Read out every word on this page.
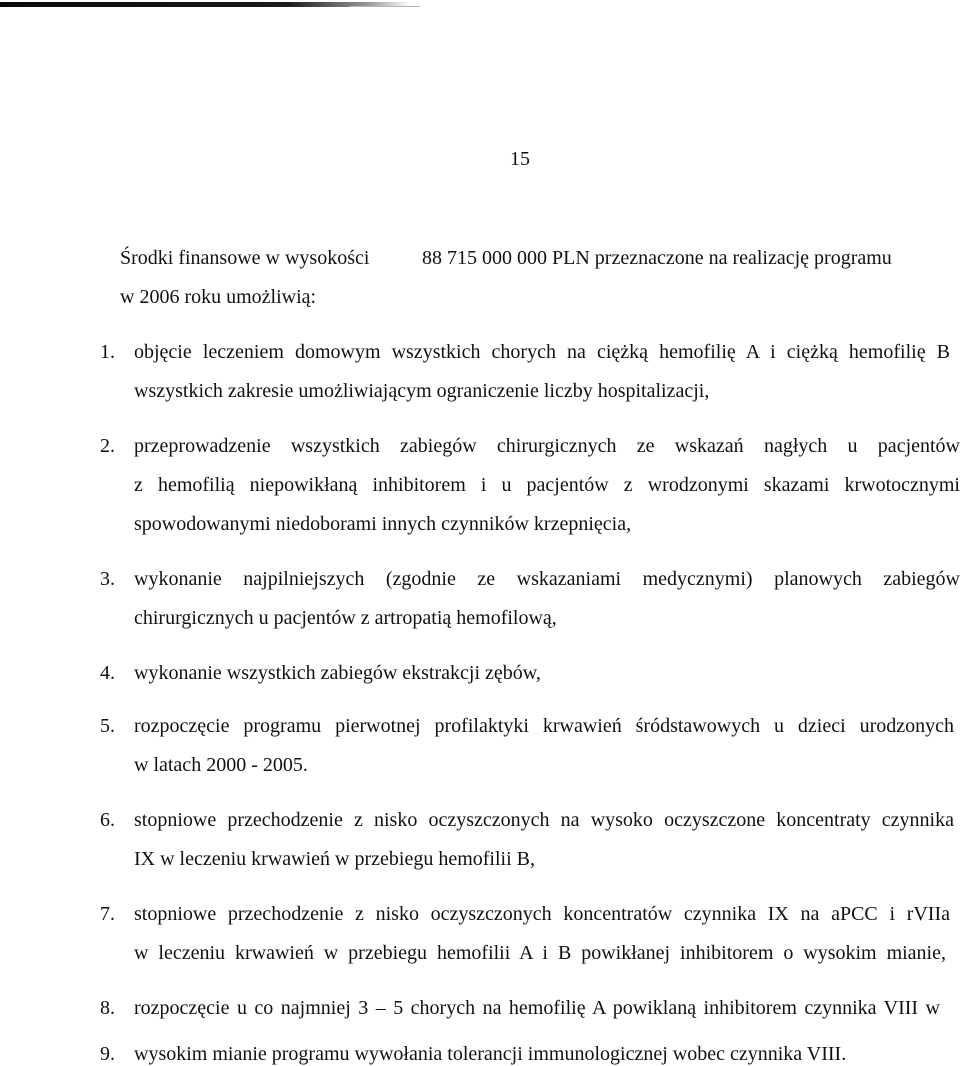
15
Środki finansowe w wysokości	88 715 000 000 PLN przeznaczone na realizację programu
w 2006 roku umożliwią:
1. objęcie leczeniem domowym wszystkich chorych na ciężką hemofilię A i ciężką hemofilię B
wszystkich zakresie umożliwiającym ograniczenie liczby hospitalizacji,
2. przeprowadzenie wszystkich zabiegów chirurgicznych ze wskazań nagłych u pacjentów
z hemofilią niepowikłaną inhibitorem i u pacjentów z wrodzonymi skazami krwotocznymi
spowodowanymi niedoborami innych czynników krzepnięcia,
3. wykonanie najpilniejszych (zgodnie ze wskazaniami medycznymi) planowych zabiegów
chirurgicznych u pacjentów z artropatią hemofilową,
4. wykonanie wszystkich zabiegów ekstrakcji zębów,
5. rozpoczęcie programu pierwotnej profilaktyki krwawień śródstawowych u dzieci urodzonych
w latach 2000 - 2005.
6. stopniowe przechodzenie z nisko oczyszczonych na wysoko oczyszczone koncentraty czynnika
IX w leczeniu krwawień w przebiegu hemofilii B,
7. stopniowe przechodzenie z nisko oczyszczonych koncentratów czynnika IX na aPCC i rVIIa
w leczeniu krwawień w przebiegu hemofilii A i B powikłanej inhibitorem o wysokim mianie,
8. rozpoczęcie u co najmniej 3 – 5 chorych na hemofilię A powiklaną inhibitorem czynnika VIII w
9. wysokim mianie programu wywołania tolerancji immunologicznej wobec czynnika VIII.
